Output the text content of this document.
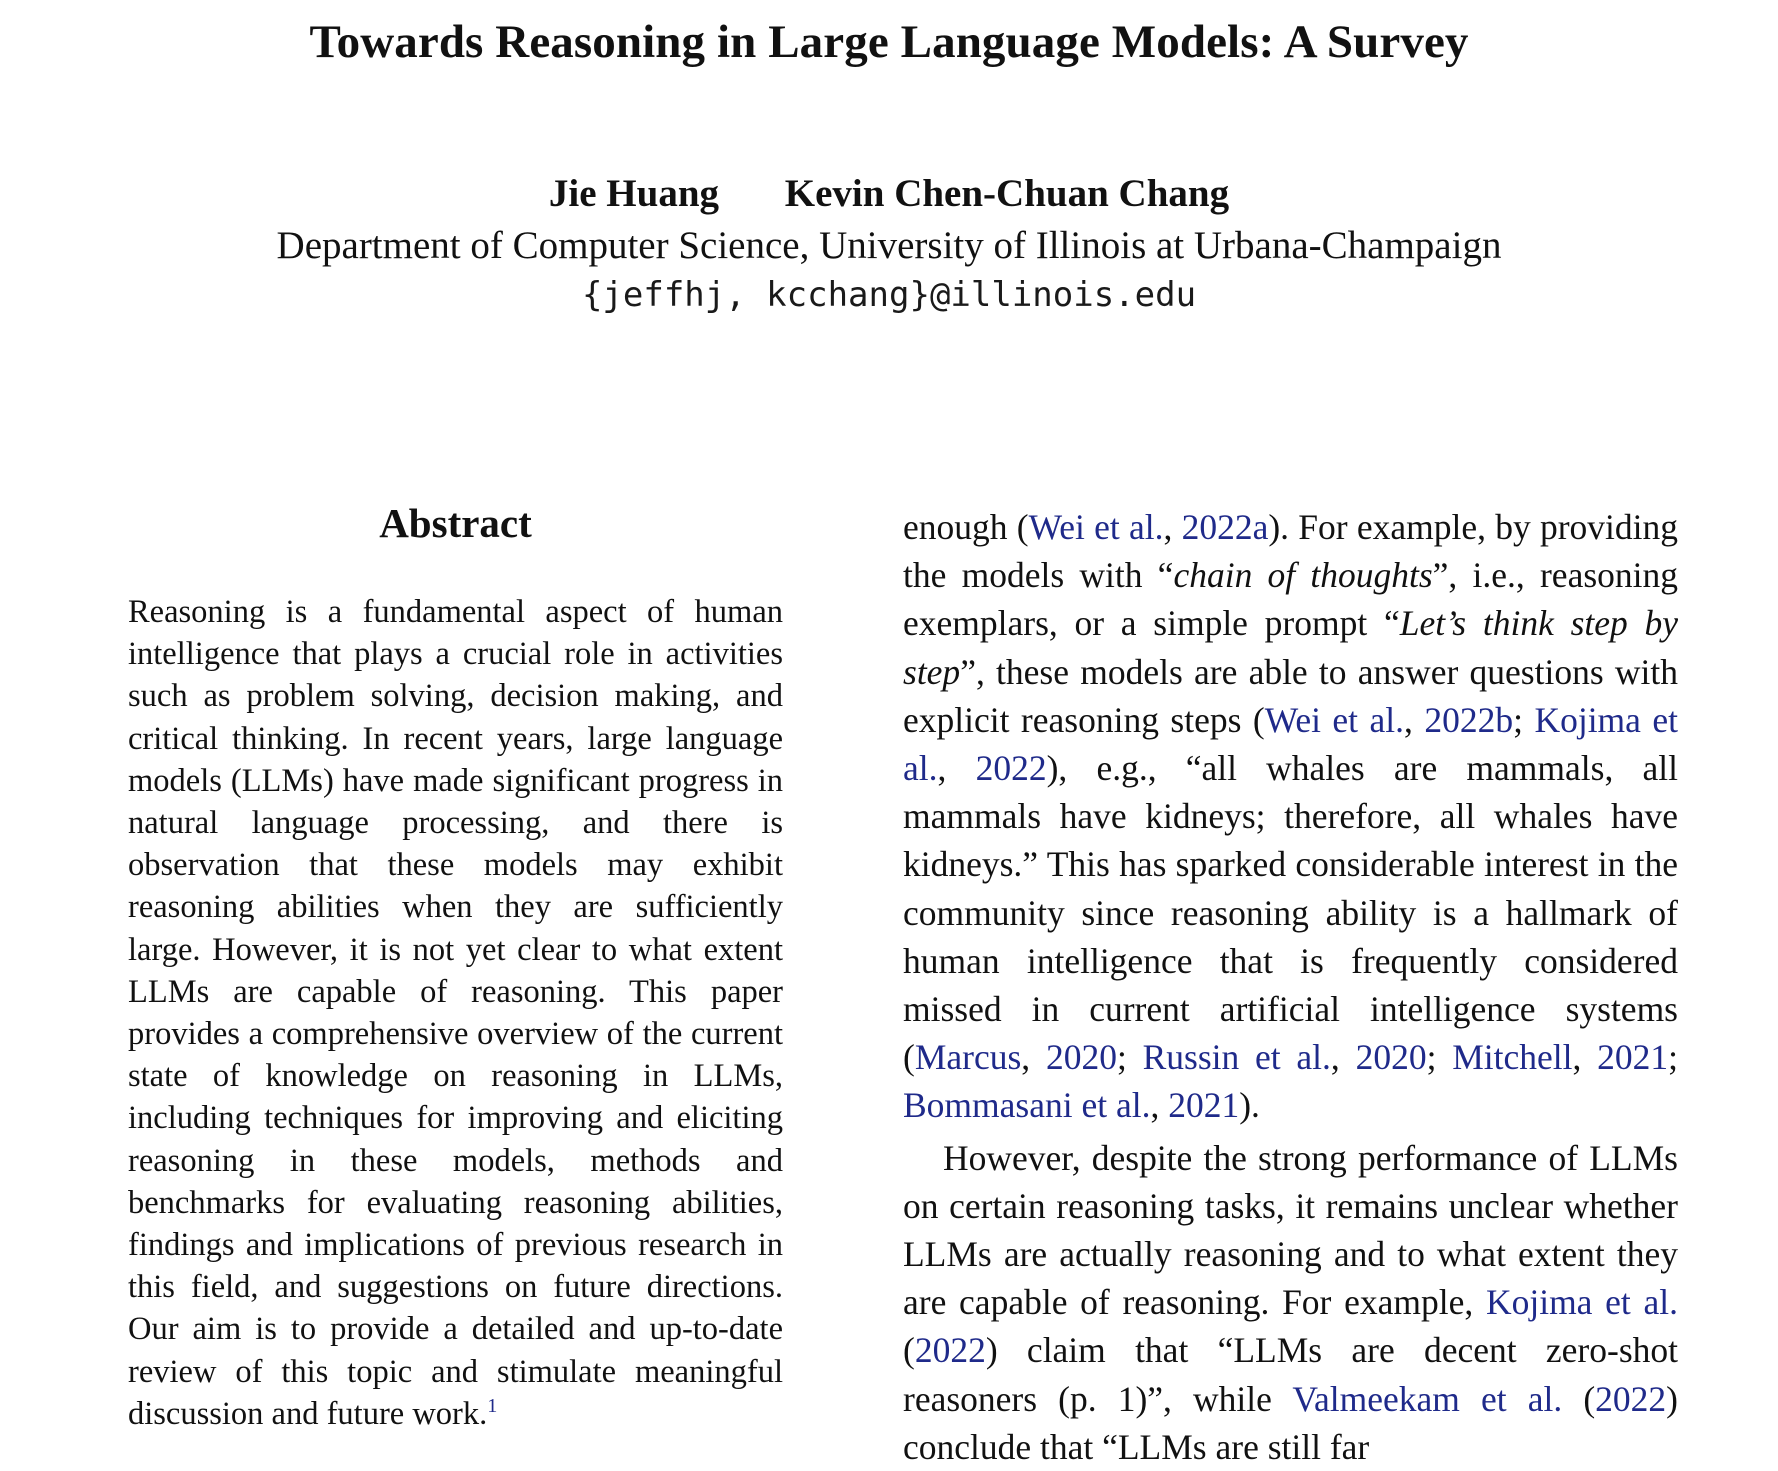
Towards Reasoning in Large Language Models: A Survey
Jie Huang Kevin Chen-Chuan Chang
Department of Computer Science, University of Illinois at Urbana-Champaign
{jeffhj, kcchang}@illinois.edu
Abstract
Reasoning is a fundamental aspect of human intelligence that plays a crucial role in activities such as problem solving, decision making, and critical thinking. In recent years, large language models (LLMs) have made significant progress in natural language processing, and there is observation that these models may exhibit reasoning abilities when they are sufficiently large. However, it is not yet clear to what extent LLMs are capable of reasoning. This paper provides a comprehensive overview of the current state of knowledge on reasoning in LLMs, including techniques for improving and eliciting reasoning in these models, methods and benchmarks for evaluating reasoning abilities, findings and implications of previous research in this field, and suggestions on future directions. Our aim is to provide a detailed and up-to-date review of this topic and stimulate meaningful discussion and future work.$^1$

enough (Wei et al., 2022a). For example, by providing the models with “chain of thoughts”, i.e., reasoning exemplars, or a simple prompt “Let’s think step by step”, these models are able to answer questions with explicit reasoning steps (Wei et al., 2022b; Kojima et al., 2022), e.g., “all whales are mammals, all mammals have kidneys; therefore, all whales have kidneys.” This has sparked considerable interest in the community since reasoning ability is a hallmark of human intelligence that is frequently considered missed in current artificial intelligence systems (Marcus, 2020; Russin et al., 2020; Mitchell, 2021; Bommasani et al., 2021).

However, despite the strong performance of LLMs on certain reasoning tasks, it remains unclear whether LLMs are actually reasoning and to what extent they are capable of reasoning. For example, Kojima et al. (2022) claim that “LLMs are decent zero-shot reasoners (p. 1)”, while Valmeekam et al. (2022) conclude that “LLMs are still far
